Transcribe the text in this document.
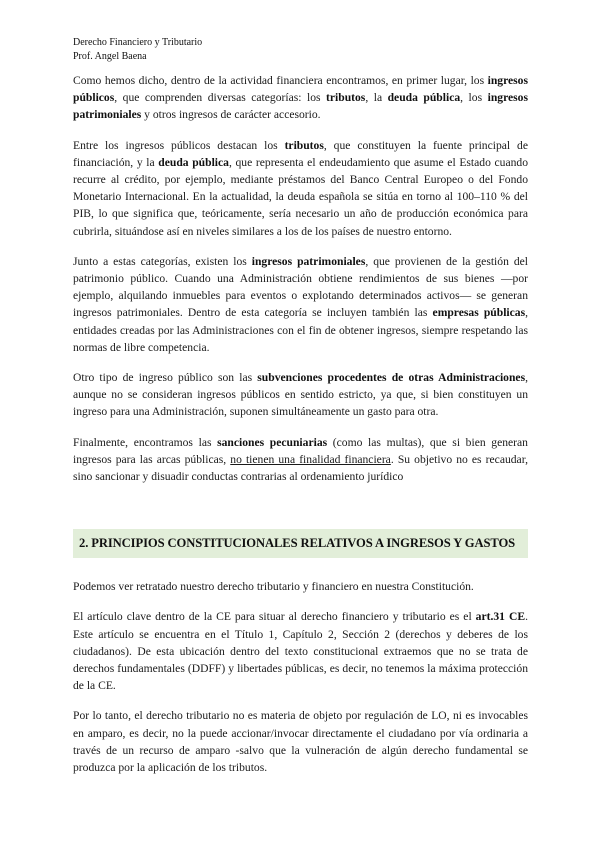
Derecho Financiero y Tributario
Prof. Angel Baena

Como hemos dicho, dentro de la actividad financiera encontramos, en primer lugar, los ingresos públicos, que comprenden diversas categorías: los tributos, la deuda pública, los ingresos patrimoniales y otros ingresos de carácter accesorio.

Entre los ingresos públicos destacan los tributos, que constituyen la fuente principal de financiación, y la deuda pública, que representa el endeudamiento que asume el Estado cuando recurre al crédito, por ejemplo, mediante préstamos del Banco Central Europeo o del Fondo Monetario Internacional. En la actualidad, la deuda española se sitúa en torno al 100–110 % del PIB, lo que significa que, teóricamente, sería necesario un año de producción económica para cubrirla, situándose así en niveles similares a los de los países de nuestro entorno.

Junto a estas categorías, existen los ingresos patrimoniales, que provienen de la gestión del patrimonio público. Cuando una Administración obtiene rendimientos de sus bienes —por ejemplo, alquilando inmuebles para eventos o explotando determinados activos— se generan ingresos patrimoniales. Dentro de esta categoría se incluyen también las empresas públicas, entidades creadas por las Administraciones con el fin de obtener ingresos, siempre respetando las normas de libre competencia.

Otro tipo de ingreso público son las subvenciones procedentes de otras Administraciones, aunque no se consideran ingresos públicos en sentido estricto, ya que, si bien constituyen un ingreso para una Administración, suponen simultáneamente un gasto para otra.

Finalmente, encontramos las sanciones pecuniarias (como las multas), que si bien generan ingresos para las arcas públicas, no tienen una finalidad financiera. Su objetivo no es recaudar, sino sancionar y disuadir conductas contrarias al ordenamiento jurídico

2. PRINCIPIOS CONSTITUCIONALES RELATIVOS A INGRESOS Y GASTOS

Podemos ver retratado nuestro derecho tributario y financiero en nuestra Constitución.

El artículo clave dentro de la CE para situar al derecho financiero y tributario es el art.31 CE. Este artículo se encuentra en el Título 1, Capítulo 2, Sección 2 (derechos y deberes de los ciudadanos). De esta ubicación dentro del texto constitucional extraemos que no se trata de derechos fundamentales (DDFF) y libertades públicas, es decir, no tenemos la máxima protección de la CE.

Por lo tanto, el derecho tributario no es materia de objeto por regulación de LO, ni es invocables en amparo, es decir, no la puede accionar/invocar directamente el ciudadano por vía ordinaria a través de un recurso de amparo -salvo que la vulneración de algún derecho fundamental se produzca por la aplicación de los tributos.
